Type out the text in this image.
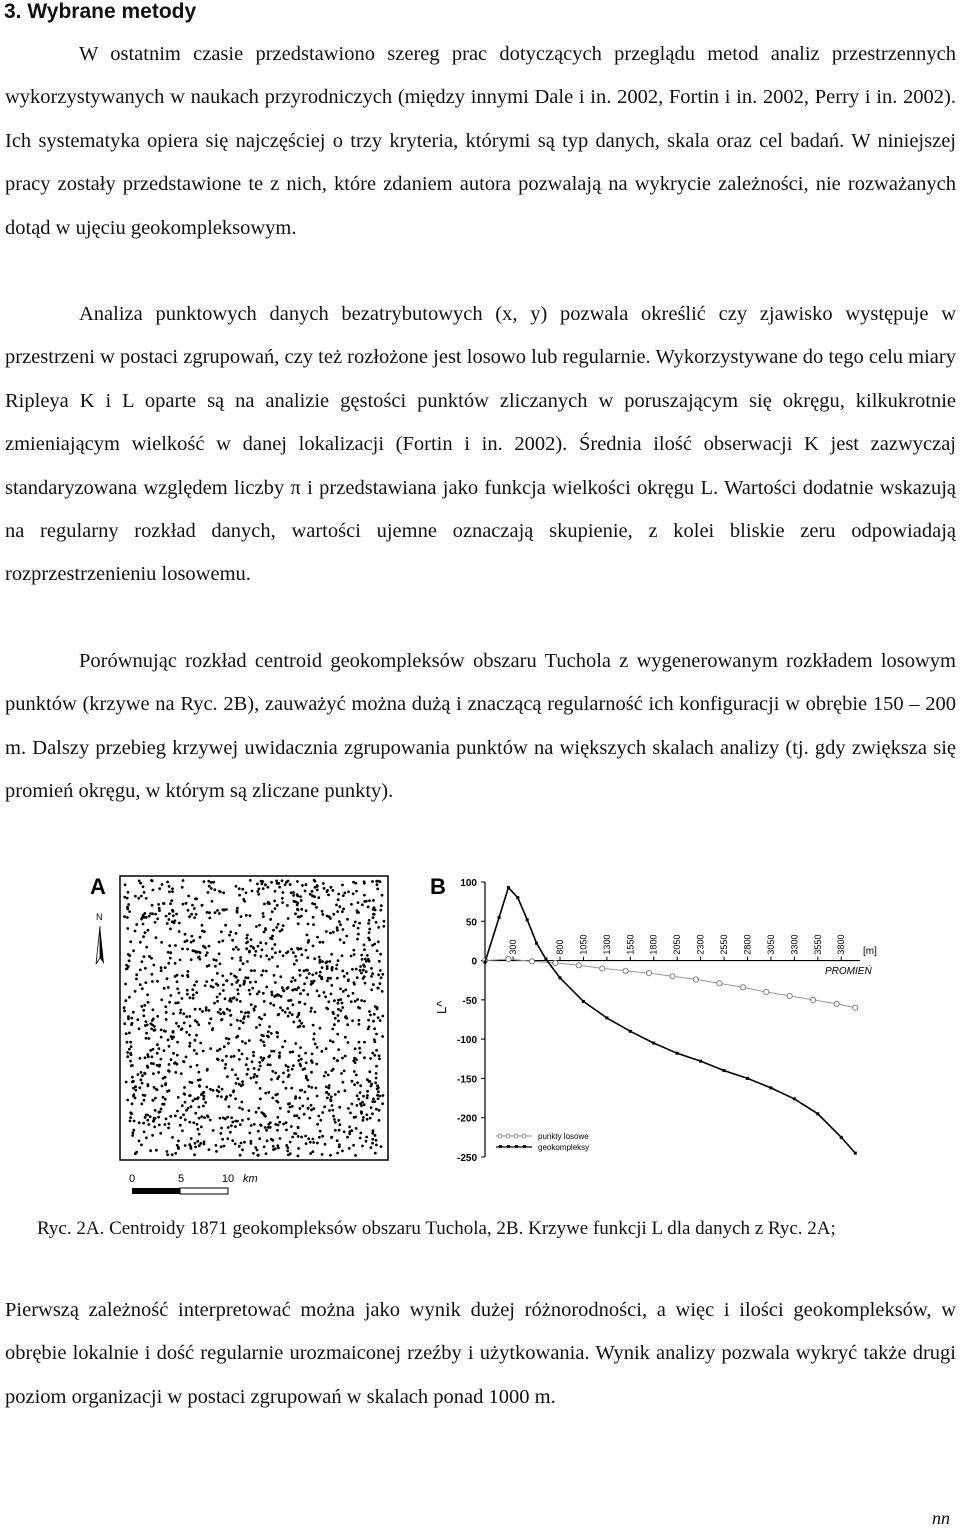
3. Wybrane metody

W ostatnim czasie przedstawiono szereg prac dotyczących przeglądu metod analiz przestrzennych wykorzystywanych w naukach przyrodniczych (między innymi Dale i in. 2002, Fortin i in. 2002, Perry i in. 2002). Ich systematyka opiera się najczęściej o trzy kryteria, którymi są typ danych, skala oraz cel badań. W niniejszej pracy zostały przedstawione te z nich, które zdaniem autora pozwalają na wykrycie zależności, nie rozważanych dotąd w ujęciu geokompleksowym.

Analiza punktowych danych bezatrybutowych (x, y) pozwala określić czy zjawisko występuje w przestrzeni w postaci zgrupowań, czy też rozłożone jest losowo lub regularnie. Wykorzystywane do tego celu miary Ripleya K i L oparte są na analizie gęstości punktów zliczanych w poruszającym się okręgu, kilkukrotnie zmieniającym wielkość w danej lokalizacji (Fortin i in. 2002). Średnia ilość obserwacji K jest zazwyczaj standaryzowana względem liczby π i przedstawiana jako funkcja wielkości okręgu L. Wartości dodatnie wskazują na regularny rozkład danych, wartości ujemne oznaczają skupienie, z kolei bliskie zeru odpowiadają rozprzestrzenieniu losowemu.

Porównując rozkład centroid geokompleksów obszaru Tuchola z wygenerowanym rozkładem losowym punktów (krzywe na Ryc. 2B), zauważyć można dużą i znaczącą regularność ich konfiguracji w obrębie 150 – 200 m. Dalszy przebieg krzywej uwidacznia zgrupowania punktów na większych skalach analizy (tj. gdy zwiększa się promień okręgu, w którym są zliczane punkty).

A
N
0	5	10 km
B 100
50
0
-50
-100
-150
-200
-250
300	800 1050 1300 1550 1800 2050 2300 2550 2800 3050 3300 3550 3800
L^
[m]
PROMIEŃ
punkty losowe
geokompleksy
Ryc. 2A. Centroidy 1871 geokompleksów obszaru Tuchola, 2B. Krzywe funkcji L dla danych z Ryc. 2A;

Pierwszą zależność interpretować można jako wynik dużej różnorodności, a więc i ilości geokompleksów, w obrębie lokalnie i dość regularnie urozmaiconej rzeźby i użytkowania. Wynik analizy pozwala wykryć także drugi poziom organizacji w postaci zgrupowań w skalach ponad 1000 m.

nn
